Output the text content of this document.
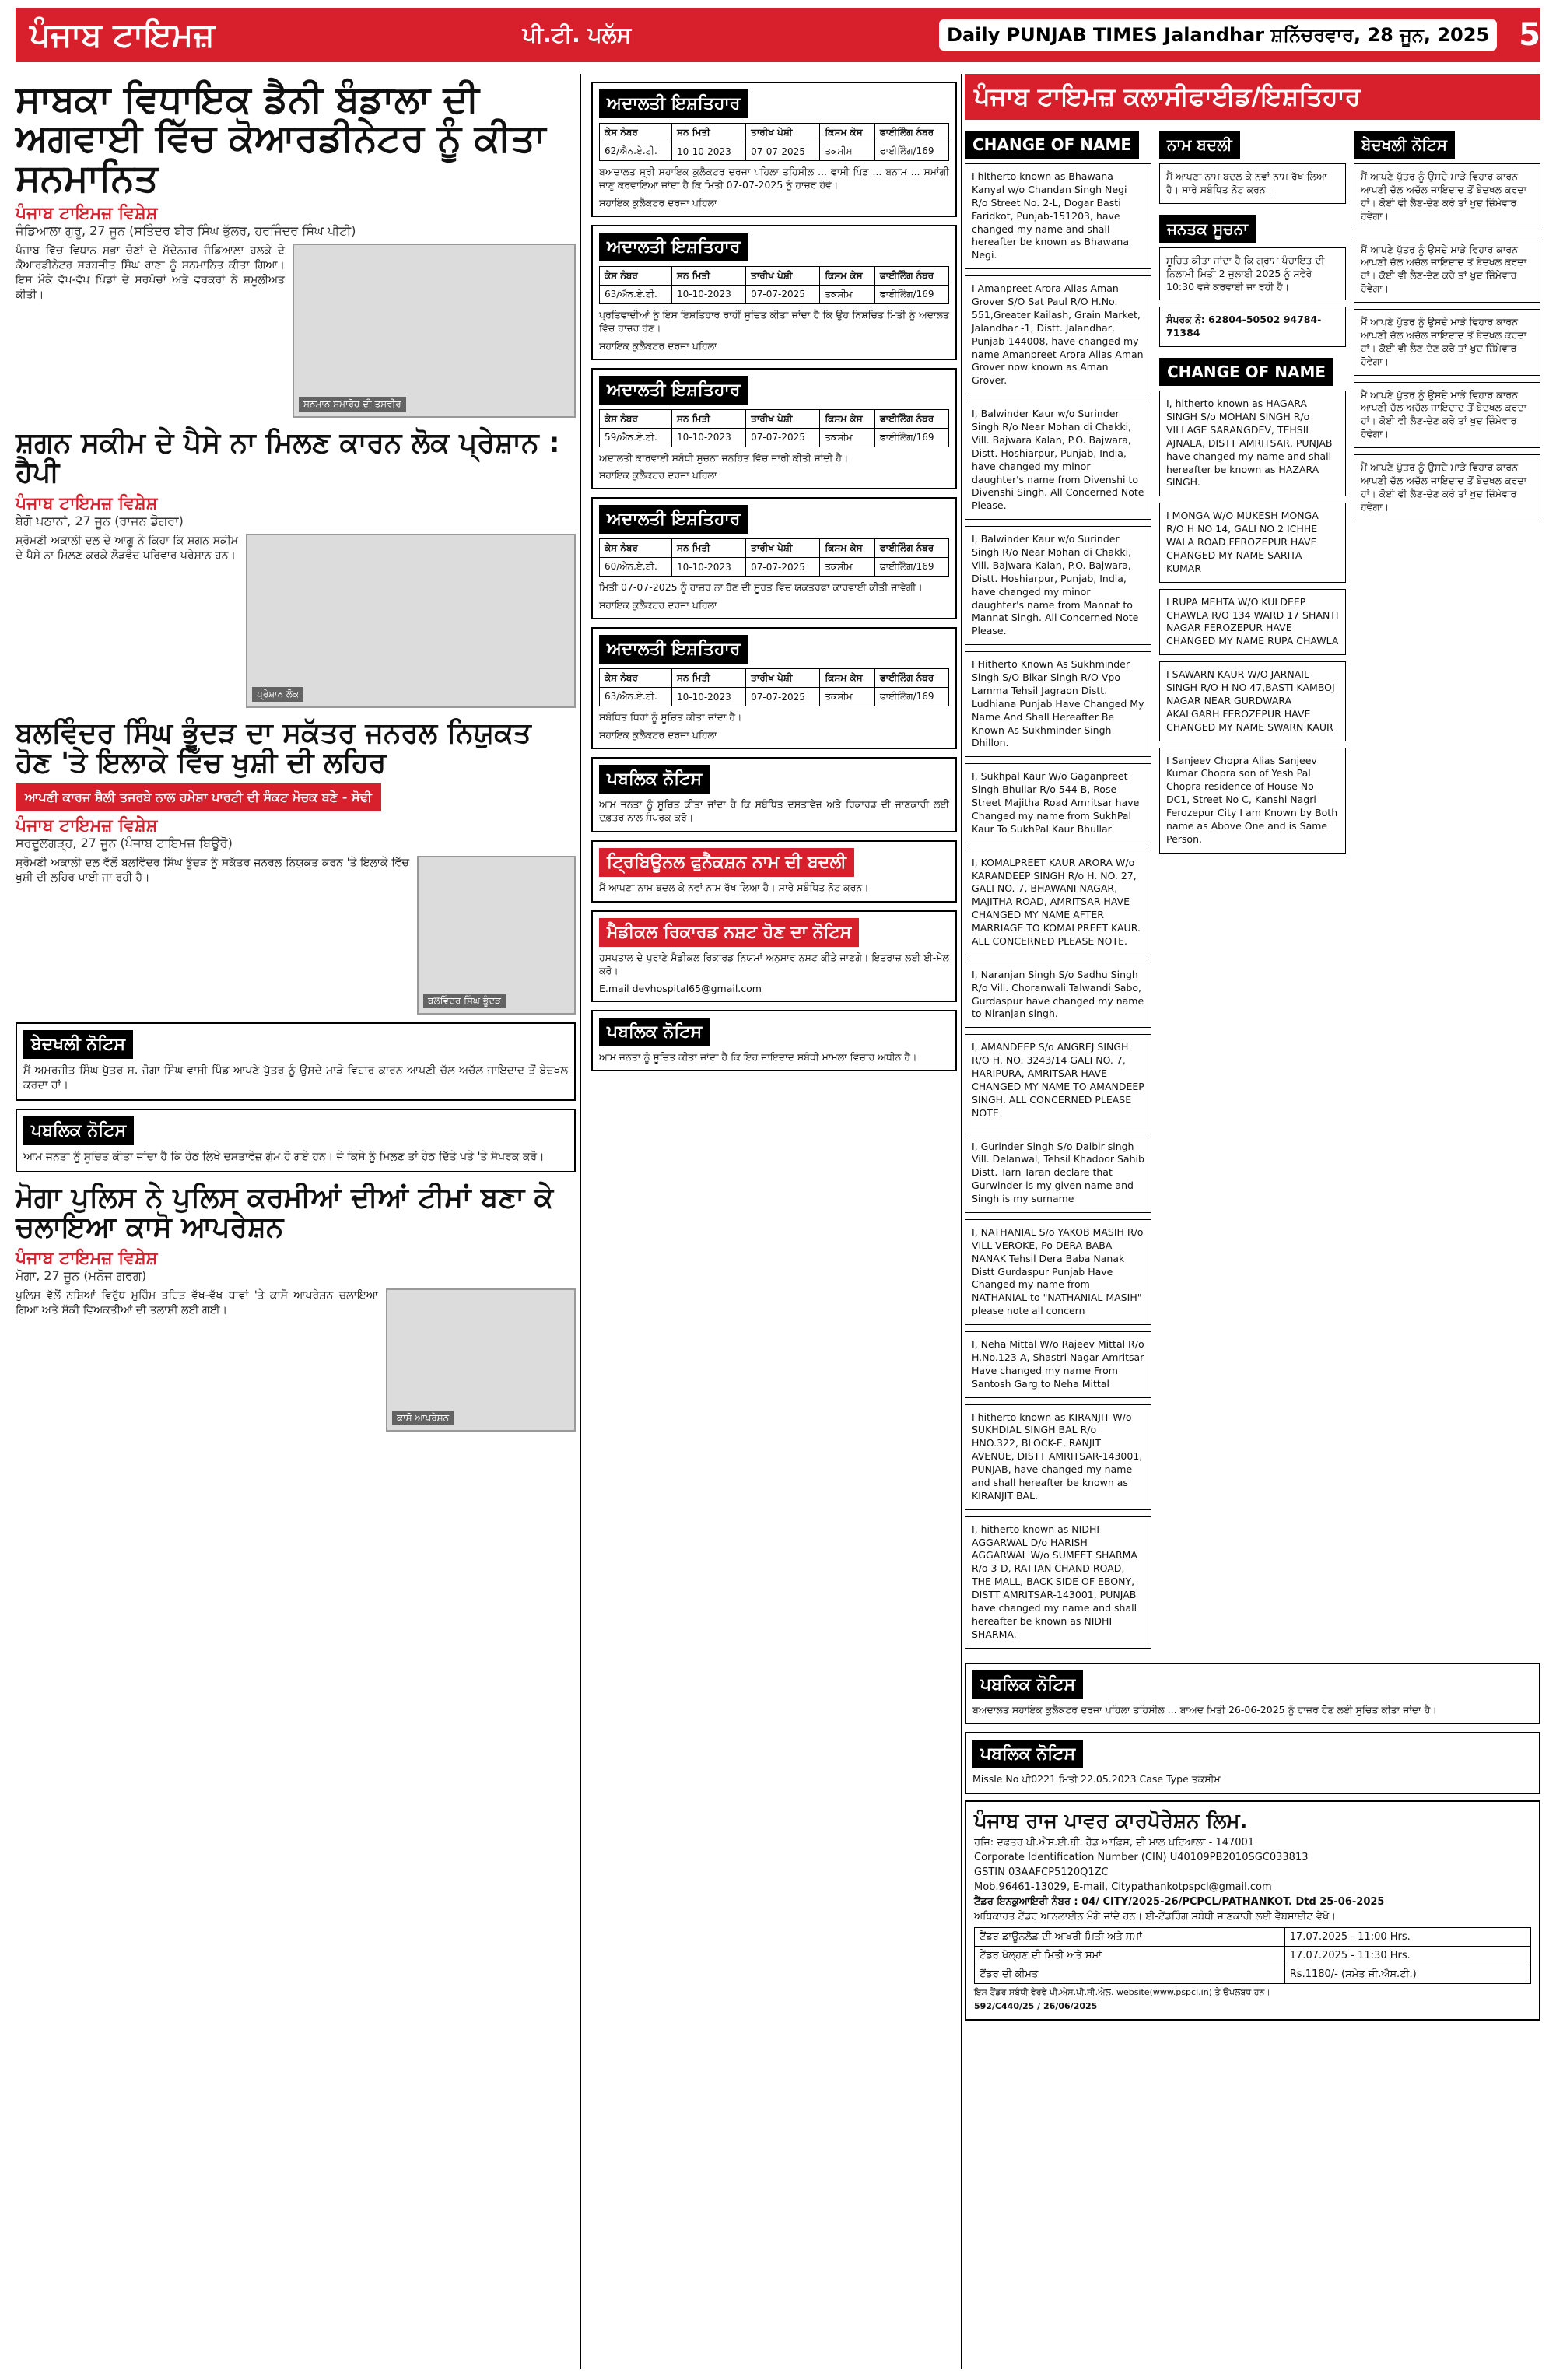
ਪੰਜਾਬ ਟਾਇਮਜ਼	ਪੀ.ਟੀ. ਪਲੱਸ	Daily PUNJAB TIMES Jalandhar ਸ਼ਨਿੱਚਰਵਾਰ, 28 ਜੂਨ, 2025 5
ਸਾਬਕਾ ਵਿਧਾਇਕ ਡੈਨੀ ਬੰਡਾਲਾ ਦੀ ਅਗਵਾਈ ਵਿੱਚ ਕੋਆਰਡੀਨੇਟਰ ਨੂੰ ਕੀਤਾ ਸਨਮਾਨਿਤ
ਪੰਜਾਬ ਟਾਇਮਜ਼ ਵਿਸ਼ੇਸ਼
ਜੰਡਿਆਲਾ ਗੁਰੂ, 27 ਜੂਨ (ਸਤਿੰਦਰ ਬੀਰ ਸਿੰਘ ਭੁੱਲਰ, ਹਰਜਿੰਦਰ ਸਿੰਘ ਪੀਟੀ)
ਪੰਜਾਬ ਵਿੱਚ ਵਿਧਾਨ ਸਭਾ ਚੋਣਾਂ ਦੇ ਮੱਦੇਨਜ਼ਰ ਜੰਡਿਆਲਾ ਹਲਕੇ ਦੇ ਕੋਆਰਡੀਨੇਟਰ ਸਰਬਜੀਤ ਸਿੰਘ ਰਾਣਾ ਨੂੰ ਸਨਮਾਨਿਤ ਕੀਤਾ ਗਿਆ। ਇਸ ਮੌਕੇ ਵੱਖ-ਵੱਖ ਪਿੰਡਾਂ ਦੇ ਸਰਪੰਚਾਂ ਅਤੇ ਵਰਕਰਾਂ ਨੇ ਸ਼ਮੂਲੀਅਤ ਕੀਤੀ।
ਸਨਮਾਨ ਸਮਾਰੋਹ ਦੀ ਤਸਵੀਰ
ਸ਼ਗਨ ਸਕੀਮ ਦੇ ਪੈਸੇ ਨਾ ਮਿਲਣ ਕਾਰਨ ਲੋਕ ਪ੍ਰੇਸ਼ਾਨ : ਹੈਪੀ
ਪੰਜਾਬ ਟਾਇਮਜ਼ ਵਿਸ਼ੇਸ਼
ਬੇਗੋ ਪਠਾਨਾਂ, 27 ਜੂਨ (ਰਾਜਨ ਡੋਗਰਾ)
ਸ਼੍ਰੋਮਣੀ ਅਕਾਲੀ ਦਲ ਦੇ ਆਗੂ ਨੇ ਕਿਹਾ ਕਿ ਸ਼ਗਨ ਸਕੀਮ ਦੇ ਪੈਸੇ ਨਾ ਮਿਲਣ ਕਰਕੇ ਲੋੜਵੰਦ ਪਰਿਵਾਰ ਪਰੇਸ਼ਾਨ ਹਨ।
ਪ੍ਰੇਸ਼ਾਨ ਲੋਕ
ਬਲਵਿੰਦਰ ਸਿੰਘ ਭੂੰਦੜ ਦਾ ਸਕੱਤਰ ਜਨਰਲ ਨਿਯੁਕਤ ਹੋਣ 'ਤੇ ਇਲਾਕੇ ਵਿੱਚ ਖੁਸ਼ੀ ਦੀ ਲਹਿਰ
ਆਪਣੀ ਕਾਰਜ ਸ਼ੈਲੀ ਤਜਰਬੇ ਨਾਲ ਹਮੇਸ਼ਾ ਪਾਰਟੀ ਦੀ ਸੰਕਟ ਮੋਚਕ ਬਣੇ - ਸੋਢੀ
ਪੰਜਾਬ ਟਾਇਮਜ਼ ਵਿਸ਼ੇਸ਼
ਸਰਦੂਲਗੜ੍ਹ, 27 ਜੂਨ (ਪੰਜਾਬ ਟਾਇਮਜ਼ ਬਿਊਰੋ)
ਸ਼੍ਰੋਮਣੀ ਅਕਾਲੀ ਦਲ ਵੱਲੋਂ ਬਲਵਿੰਦਰ ਸਿੰਘ ਭੂੰਦੜ ਨੂੰ ਸਕੱਤਰ ਜਨਰਲ ਨਿਯੁਕਤ ਕਰਨ 'ਤੇ ਇਲਾਕੇ ਵਿੱਚ ਖੁਸ਼ੀ ਦੀ ਲਹਿਰ ਪਾਈ ਜਾ ਰਹੀ ਹੈ।
ਬਲਵਿੰਦਰ ਸਿੰਘ ਭੂੰਦੜ
ਬੇਦਖਲੀ ਨੋਟਿਸ
ਮੈਂ ਅਮਰਜੀਤ ਸਿੰਘ ਪੁੱਤਰ ਸ. ਜੋਗਾ ਸਿੰਘ ਵਾਸੀ ਪਿੰਡ ਆਪਣੇ ਪੁੱਤਰ ਨੂੰ ਉਸਦੇ ਮਾੜੇ ਵਿਹਾਰ ਕਾਰਨ ਆਪਣੀ ਚੱਲ ਅਚੱਲ ਜਾਇਦਾਦ ਤੋਂ ਬੇਦਖਲ ਕਰਦਾ ਹਾਂ।
ਪਬਲਿਕ ਨੋਟਿਸ
ਆਮ ਜਨਤਾ ਨੂੰ ਸੂਚਿਤ ਕੀਤਾ ਜਾਂਦਾ ਹੈ ਕਿ ਹੇਠ ਲਿਖੇ ਦਸਤਾਵੇਜ਼ ਗੁੰਮ ਹੋ ਗਏ ਹਨ। ਜੇ ਕਿਸੇ ਨੂੰ ਮਿਲਣ ਤਾਂ ਹੇਠ ਦਿੱਤੇ ਪਤੇ 'ਤੇ ਸੰਪਰਕ ਕਰੋ।
ਮੋਗਾ ਪੁਲਿਸ ਨੇ ਪੁਲਿਸ ਕਰਮੀਆਂ ਦੀਆਂ ਟੀਮਾਂ ਬਣਾ ਕੇ ਚਲਾਇਆ ਕਾਸੋ ਆਪਰੇਸ਼ਨ
ਪੰਜਾਬ ਟਾਇਮਜ਼ ਵਿਸ਼ੇਸ਼
ਮੋਗਾ, 27 ਜੂਨ (ਮਨੋਜ ਗਰਗ)
ਪੁਲਿਸ ਵੱਲੋਂ ਨਸ਼ਿਆਂ ਵਿਰੁੱਧ ਮੁਹਿੰਮ ਤਹਿਤ ਵੱਖ-ਵੱਖ ਥਾਵਾਂ 'ਤੇ ਕਾਸੋ ਆਪਰੇਸ਼ਨ ਚਲਾਇਆ ਗਿਆ ਅਤੇ ਸ਼ੱਕੀ ਵਿਅਕਤੀਆਂ ਦੀ ਤਲਾਸ਼ੀ ਲਈ ਗਈ।
ਕਾਸੋ ਆਪਰੇਸ਼ਨ
ਅਦਾਲਤੀ ਇਸ਼ਤਿਹਾਰ
ਕੇਸ ਨੰਬਰ	ਸਨ ਮਿਤੀ	ਤਾਰੀਖ ਪੇਸ਼ੀ	ਕਿਸਮ ਕੇਸ	ਫਾਈਲਿੰਗ ਨੰਬਰ
62/ਐਨ.ਏ.ਟੀ.	10-10-2023	07-07-2025	ਤਕਸੀਮ	ਫਾਈਲਿੰਗ/169
ਬਅਦਾਲਤ ਸ੍ਰੀ ਸਹਾਇਕ ਕੁਲੈਕਟਰ ਦਰਜਾ ਪਹਿਲਾ ਤਹਿਸੀਲ ... ਵਾਸੀ ਪਿੰਡ ... ਬਨਾਮ ... ਸਮਾਂਗੀ ਜਾਣੂ ਕਰਵਾਇਆ ਜਾਂਦਾ ਹੈ ਕਿ ਮਿਤੀ 07-07-2025 ਨੂੰ ਹਾਜ਼ਰ ਹੋਵੋ।
ਸਹਾਇਕ ਕੁਲੈਕਟਰ ਦਰਜਾ ਪਹਿਲਾ
ਅਦਾਲਤੀ ਇਸ਼ਤਿਹਾਰ
ਕੇਸ ਨੰਬਰ	ਸਨ ਮਿਤੀ	ਤਾਰੀਖ ਪੇਸ਼ੀ	ਕਿਸਮ ਕੇਸ	ਫਾਈਲਿੰਗ ਨੰਬਰ
63/ਐਨ.ਏ.ਟੀ.	10-10-2023	07-07-2025	ਤਕਸੀਮ	ਫਾਈਲਿੰਗ/169
ਪ੍ਰਤਿਵਾਦੀਆਂ ਨੂੰ ਇਸ ਇਸ਼ਤਿਹਾਰ ਰਾਹੀਂ ਸੂਚਿਤ ਕੀਤਾ ਜਾਂਦਾ ਹੈ ਕਿ ਉਹ ਨਿਸ਼ਚਿਤ ਮਿਤੀ ਨੂੰ ਅਦਾਲਤ ਵਿੱਚ ਹਾਜ਼ਰ ਹੋਣ।
ਸਹਾਇਕ ਕੁਲੈਕਟਰ ਦਰਜਾ ਪਹਿਲਾ
ਅਦਾਲਤੀ ਇਸ਼ਤਿਹਾਰ
ਕੇਸ ਨੰਬਰ	ਸਨ ਮਿਤੀ	ਤਾਰੀਖ ਪੇਸ਼ੀ	ਕਿਸਮ ਕੇਸ	ਫਾਈਲਿੰਗ ਨੰਬਰ
59/ਐਨ.ਏ.ਟੀ.	10-10-2023	07-07-2025	ਤਕਸੀਮ	ਫਾਈਲਿੰਗ/169
ਅਦਾਲਤੀ ਕਾਰਵਾਈ ਸਬੰਧੀ ਸੂਚਨਾ ਜਨਹਿਤ ਵਿੱਚ ਜਾਰੀ ਕੀਤੀ ਜਾਂਦੀ ਹੈ।
ਸਹਾਇਕ ਕੁਲੈਕਟਰ ਦਰਜਾ ਪਹਿਲਾ
ਅਦਾਲਤੀ ਇਸ਼ਤਿਹਾਰ
ਕੇਸ ਨੰਬਰ	ਸਨ ਮਿਤੀ	ਤਾਰੀਖ ਪੇਸ਼ੀ	ਕਿਸਮ ਕੇਸ	ਫਾਈਲਿੰਗ ਨੰਬਰ
60/ਐਨ.ਏ.ਟੀ.	10-10-2023	07-07-2025	ਤਕਸੀਮ	ਫਾਈਲਿੰਗ/169
ਮਿਤੀ 07-07-2025 ਨੂੰ ਹਾਜ਼ਰ ਨਾ ਹੋਣ ਦੀ ਸੂਰਤ ਵਿੱਚ ਯਕਤਰਫਾ ਕਾਰਵਾਈ ਕੀਤੀ ਜਾਵੇਗੀ।
ਸਹਾਇਕ ਕੁਲੈਕਟਰ ਦਰਜਾ ਪਹਿਲਾ
ਅਦਾਲਤੀ ਇਸ਼ਤਿਹਾਰ
ਕੇਸ ਨੰਬਰ	ਸਨ ਮਿਤੀ	ਤਾਰੀਖ ਪੇਸ਼ੀ	ਕਿਸਮ ਕੇਸ	ਫਾਈਲਿੰਗ ਨੰਬਰ
63/ਐਨ.ਏ.ਟੀ.	10-10-2023	07-07-2025	ਤਕਸੀਮ	ਫਾਈਲਿੰਗ/169
ਸਬੰਧਿਤ ਧਿਰਾਂ ਨੂੰ ਸੂਚਿਤ ਕੀਤਾ ਜਾਂਦਾ ਹੈ।
ਸਹਾਇਕ ਕੁਲੈਕਟਰ ਦਰਜਾ ਪਹਿਲਾ
ਪਬਲਿਕ ਨੋਟਿਸ
ਆਮ ਜਨਤਾ ਨੂੰ ਸੂਚਿਤ ਕੀਤਾ ਜਾਂਦਾ ਹੈ ਕਿ ਸਬੰਧਿਤ ਦਸਤਾਵੇਜ਼ ਅਤੇ ਰਿਕਾਰਡ ਦੀ ਜਾਣਕਾਰੀ ਲਈ ਦਫ਼ਤਰ ਨਾਲ ਸੰਪਰਕ ਕਰੋ।
ਟ੍ਰਿਬਿਊਨਲ ਫੁਨੈਕਸ਼ਨ ਨਾਮ ਦੀ ਬਦਲੀ
ਮੈਂ ਆਪਣਾ ਨਾਮ ਬਦਲ ਕੇ ਨਵਾਂ ਨਾਮ ਰੱਖ ਲਿਆ ਹੈ। ਸਾਰੇ ਸਬੰਧਿਤ ਨੋਟ ਕਰਨ।
ਮੈਡੀਕਲ ਰਿਕਾਰਡ ਨਸ਼ਟ ਹੋਣ ਦਾ ਨੋਟਿਸ
ਹਸਪਤਾਲ ਦੇ ਪੁਰਾਣੇ ਮੈਡੀਕਲ ਰਿਕਾਰਡ ਨਿਯਮਾਂ ਅਨੁਸਾਰ ਨਸ਼ਟ ਕੀਤੇ ਜਾਣਗੇ। ਇਤਰਾਜ਼ ਲਈ ਈ-ਮੇਲ ਕਰੋ।
E.mail devhospital65@gmail.com
ਪਬਲਿਕ ਨੋਟਿਸ
ਆਮ ਜਨਤਾ ਨੂੰ ਸੂਚਿਤ ਕੀਤਾ ਜਾਂਦਾ ਹੈ ਕਿ ਇਹ ਜਾਇਦਾਦ ਸਬੰਧੀ ਮਾਮਲਾ ਵਿਚਾਰ ਅਧੀਨ ਹੈ।
ਪੰਜਾਬ ਟਾਇਮਜ਼ ਕਲਾਸੀਫਾਈਡ/ਇਸ਼ਤਿਹਾਰ
CHANGE OF NAME
I hitherto known as Bhawana Kanyal w/o Chandan Singh Negi R/o Street No. 2-L, Dogar Basti Faridkot, Punjab-151203, have changed my name and shall hereafter be known as Bhawana Negi.
I Amanpreet Arora Alias Aman Grover S/O Sat Paul R/O H.No. 551,Greater Kailash, Grain Market, Jalandhar -1, Distt. Jalandhar, Punjab-144008, have changed my name Amanpreet Arora Alias Aman Grover now known as Aman Grover.
I, Balwinder Kaur w/o Surinder Singh R/o Near Mohan di Chakki, Vill. Bajwara Kalan, P.O. Bajwara, Distt. Hoshiarpur, Punjab, India, have changed my minor daughter's name from Divenshi to Divenshi Singh. All Concerned Note Please.
I, Balwinder Kaur w/o Surinder Singh R/o Near Mohan di Chakki, Vill. Bajwara Kalan, P.O. Bajwara, Distt. Hoshiarpur, Punjab, India, have changed my minor daughter's name from Mannat to Mannat Singh. All Concerned Note Please.
I Hitherto Known As Sukhminder Singh S/O Bikar Singh R/O Vpo Lamma Tehsil Jagraon Distt. Ludhiana Punjab Have Changed My Name And Shall Hereafter Be Known As Sukhminder Singh Dhillon.
I, Sukhpal Kaur W/o Gaganpreet Singh Bhullar R/o 544 B, Rose Street Majitha Road Amritsar have Changed my name from SukhPal Kaur To SukhPal Kaur Bhullar
I, KOMALPREET KAUR ARORA W/o KARANDEEP SINGH R/o H. NO. 27, GALI NO. 7, BHAWANI NAGAR, MAJITHA ROAD, AMRITSAR HAVE CHANGED MY NAME AFTER MARRIAGE TO KOMALPREET KAUR. ALL CONCERNED PLEASE NOTE.
I, Naranjan Singh S/o Sadhu Singh R/o Vill. Choranwali Talwandi Sabo, Gurdaspur have changed my name to Niranjan singh.
I, AMANDEEP S/o ANGREJ SINGH R/O H. NO. 3243/14 GALI NO. 7, HARIPURA, AMRITSAR HAVE CHANGED MY NAME TO AMANDEEP SINGH. ALL CONCERNED PLEASE NOTE
I, Gurinder Singh S/o Dalbir singh Vill. Delanwal, Tehsil Khadoor Sahib Distt. Tarn Taran declare that Gurwinder is my given name and Singh is my surname
I, NATHANIAL S/o YAKOB MASIH R/o VILL VEROKE, Po DERA BABA NANAK Tehsil Dera Baba Nanak Distt Gurdaspur Punjab Have Changed my name from NATHANIAL to "NATHANIAL MASIH" please note all concern
I, Neha Mittal W/o Rajeev Mittal R/o H.No.123-A, Shastri Nagar Amritsar Have changed my name From Santosh Garg to Neha Mittal
I hitherto known as KIRANJIT W/o SUKHDIAL SINGH BAL R/o HNO.322, BLOCK-E, RANJIT AVENUE, DISTT AMRITSAR-143001, PUNJAB, have changed my name and shall hereafter be known as KIRANJIT BAL.
I, hitherto known as NIDHI AGGARWAL D/o HARISH AGGARWAL W/o SUMEET SHARMA R/o 3-D, RATTAN CHAND ROAD, THE MALL, BACK SIDE OF EBONY, DISTT AMRITSAR-143001, PUNJAB have changed my name and shall hereafter be known as NIDHI SHARMA.
ਨਾਮ ਬਦਲੀ
ਮੈਂ ਆਪਣਾ ਨਾਮ ਬਦਲ ਕੇ ਨਵਾਂ ਨਾਮ ਰੱਖ ਲਿਆ ਹੈ। ਸਾਰੇ ਸਬੰਧਿਤ ਨੋਟ ਕਰਨ।
ਜਨਤਕ ਸੂਚਨਾ
ਸੂਚਿਤ ਕੀਤਾ ਜਾਂਦਾ ਹੈ ਕਿ ਗ੍ਰਾਮ ਪੰਚਾਇਤ ਦੀ ਨਿਲਾਮੀ ਮਿਤੀ 2 ਜੁਲਾਈ 2025 ਨੂੰ ਸਵੇਰੇ 10:30 ਵਜੇ ਕਰਵਾਈ ਜਾ ਰਹੀ ਹੈ।
ਸੰਪਰਕ ਨੰ: 62804-50502 94784-71384
CHANGE OF NAME
I, hitherto known as HAGARA SINGH S/o MOHAN SINGH R/o VILLAGE SARANGDEV, TEHSIL AJNALA, DISTT AMRITSAR, PUNJAB have changed my name and shall hereafter be known as HAZARA SINGH.
I MONGA W/O MUKESH MONGA R/O H NO 14, GALI NO 2 ICHHE WALA ROAD FEROZEPUR HAVE CHANGED MY NAME SARITA KUMAR
I RUPA MEHTA W/O KULDEEP CHAWLA R/O 134 WARD 17 SHANTI NAGAR FEROZEPUR HAVE CHANGED MY NAME RUPA CHAWLA
I SAWARN KAUR W/O JARNAIL SINGH R/O H NO 47,BASTI KAMBOJ NAGAR NEAR GURDWARA AKALGARH FEROZEPUR HAVE CHANGED MY NAME SWARN KAUR
I Sanjeev Chopra Alias Sanjeev Kumar Chopra son of Yesh Pal Chopra residence of House No DC1, Street No C, Kanshi Nagri Ferozepur City I am Known by Both name as Above One and is Same Person.
ਬੇਦਖਲੀ ਨੋਟਿਸ
ਮੈਂ ਆਪਣੇ ਪੁੱਤਰ ਨੂੰ ਉਸਦੇ ਮਾੜੇ ਵਿਹਾਰ ਕਾਰਨ ਆਪਣੀ ਚੱਲ ਅਚੱਲ ਜਾਇਦਾਦ ਤੋਂ ਬੇਦਖਲ ਕਰਦਾ ਹਾਂ। ਕੋਈ ਵੀ ਲੈਣ-ਦੇਣ ਕਰੇ ਤਾਂ ਖੁਦ ਜ਼ਿੰਮੇਵਾਰ ਹੋਵੇਗਾ।
ਮੈਂ ਆਪਣੇ ਪੁੱਤਰ ਨੂੰ ਉਸਦੇ ਮਾੜੇ ਵਿਹਾਰ ਕਾਰਨ ਆਪਣੀ ਚੱਲ ਅਚੱਲ ਜਾਇਦਾਦ ਤੋਂ ਬੇਦਖਲ ਕਰਦਾ ਹਾਂ। ਕੋਈ ਵੀ ਲੈਣ-ਦੇਣ ਕਰੇ ਤਾਂ ਖੁਦ ਜ਼ਿੰਮੇਵਾਰ ਹੋਵੇਗਾ।
ਮੈਂ ਆਪਣੇ ਪੁੱਤਰ ਨੂੰ ਉਸਦੇ ਮਾੜੇ ਵਿਹਾਰ ਕਾਰਨ ਆਪਣੀ ਚੱਲ ਅਚੱਲ ਜਾਇਦਾਦ ਤੋਂ ਬੇਦਖਲ ਕਰਦਾ ਹਾਂ। ਕੋਈ ਵੀ ਲੈਣ-ਦੇਣ ਕਰੇ ਤਾਂ ਖੁਦ ਜ਼ਿੰਮੇਵਾਰ ਹੋਵੇਗਾ।
ਮੈਂ ਆਪਣੇ ਪੁੱਤਰ ਨੂੰ ਉਸਦੇ ਮਾੜੇ ਵਿਹਾਰ ਕਾਰਨ ਆਪਣੀ ਚੱਲ ਅਚੱਲ ਜਾਇਦਾਦ ਤੋਂ ਬੇਦਖਲ ਕਰਦਾ ਹਾਂ। ਕੋਈ ਵੀ ਲੈਣ-ਦੇਣ ਕਰੇ ਤਾਂ ਖੁਦ ਜ਼ਿੰਮੇਵਾਰ ਹੋਵੇਗਾ।
ਮੈਂ ਆਪਣੇ ਪੁੱਤਰ ਨੂੰ ਉਸਦੇ ਮਾੜੇ ਵਿਹਾਰ ਕਾਰਨ ਆਪਣੀ ਚੱਲ ਅਚੱਲ ਜਾਇਦਾਦ ਤੋਂ ਬੇਦਖਲ ਕਰਦਾ ਹਾਂ। ਕੋਈ ਵੀ ਲੈਣ-ਦੇਣ ਕਰੇ ਤਾਂ ਖੁਦ ਜ਼ਿੰਮੇਵਾਰ ਹੋਵੇਗਾ।
ਪਬਲਿਕ ਨੋਟਿਸ
ਬਅਦਾਲਤ ਸਹਾਇਕ ਕੁਲੈਕਟਰ ਦਰਜਾ ਪਹਿਲਾ ਤਹਿਸੀਲ ... ਬਾਅਦ ਮਿਤੀ 26-06-2025 ਨੂੰ ਹਾਜ਼ਰ ਹੋਣ ਲਈ ਸੂਚਿਤ ਕੀਤਾ ਜਾਂਦਾ ਹੈ।
ਪਬਲਿਕ ਨੋਟਿਸ
Missle No ਪੀ0221 ਮਿਤੀ 22.05.2023 Case Type ਤਕਸੀਮ
ਪੰਜਾਬ ਰਾਜ ਪਾਵਰ ਕਾਰਪੋਰੇਸ਼ਨ ਲਿਮ.
ਰਜਿ: ਦਫ਼ਤਰ ਪੀ.ਐਸ.ਈ.ਬੀ. ਹੈੱਡ ਆਫ਼ਿਸ, ਦੀ ਮਾਲ ਪਟਿਆਲਾ - 147001
Corporate Identification Number (CIN) U40109PB2010SGC033813
GSTIN 03AAFCP5120Q1ZC
Mob.96461-13029, E-mail, Citypathankotpspcl@gmail.com
ਟੈਂਡਰ ਇਨਕੁਆਇਰੀ ਨੰਬਰ : 04/ CITY/2025-26/PCPCL/PATHANKOT. Dtd 25-06-2025
ਅਧਿਕਾਰਤ ਟੈਂਡਰ ਆਨਲਾਈਨ ਮੰਗੇ ਜਾਂਦੇ ਹਨ। ਈ-ਟੈਂਡਰਿੰਗ ਸਬੰਧੀ ਜਾਣਕਾਰੀ ਲਈ ਵੈੱਬਸਾਈਟ ਵੇਖੋ।
ਟੈਂਡਰ ਡਾਊਨਲੋਡ ਦੀ ਆਖਰੀ ਮਿਤੀ ਅਤੇ ਸਮਾਂ	17.07.2025 - 11:00 Hrs.
ਟੈਂਡਰ ਖੋਲ੍ਹਣ ਦੀ ਮਿਤੀ ਅਤੇ ਸਮਾਂ	17.07.2025 - 11:30 Hrs.
ਟੈਂਡਰ ਦੀ ਕੀਮਤ	Rs.1180/- (ਸਮੇਤ ਜੀ.ਐਸ.ਟੀ.)
ਇਸ ਟੈਂਡਰ ਸਬੰਧੀ ਵੇਰਵੇ ਪੀ.ਐਸ.ਪੀ.ਸੀ.ਐਲ. website(www.pspcl.in) ਤੇ ਉਪਲਬਧ ਹਨ।
592/C440/25 / 26/06/2025
